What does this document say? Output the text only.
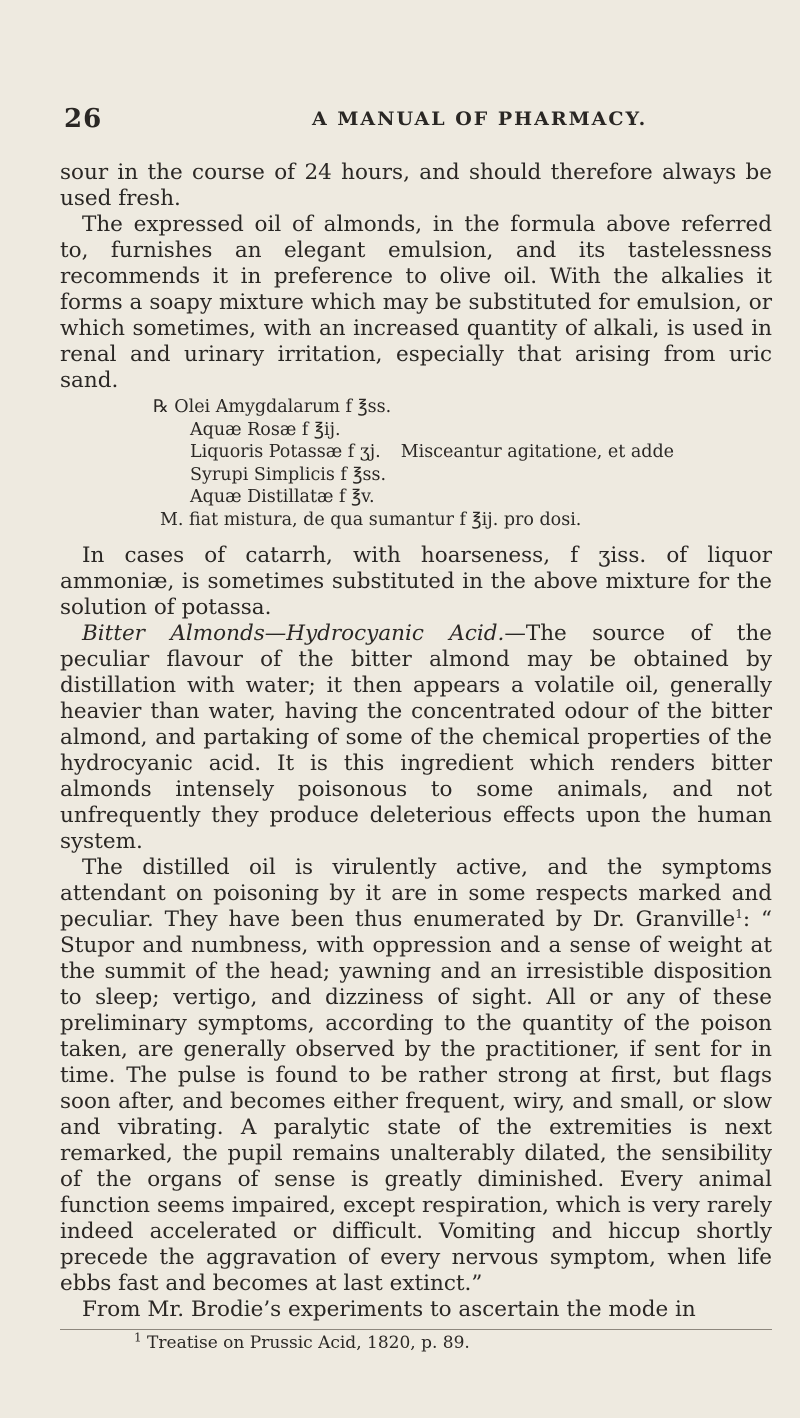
26	A MANUAL OF PHARMACY.

sour in the course of 24 hours, and should therefore always be used fresh.

The expressed oil of almonds, in the formula above referred to, furnishes an elegant emulsion, and its tastelessness recommends it in preference to olive oil. With the alkalies it forms a soapy mixture which may be substituted for emulsion, or which sometimes, with an increased quantity of alkali, is used in renal and urinary irritation, especially that arising from uric sand.

℞ Olei Amygdalarum f ℥ss.
Aquæ Rosæ f ℥ij.
Liquoris Potassæ f ʒj. Misceantur agitatione, et adde
Syrupi Simplicis f ℥ss.
Aquæ Distillatæ f ℥v.
M. fiat mistura, de qua sumantur f ℥ij. pro dosi.

In cases of catarrh, with hoarseness, f ʒiss. of liquor ammoniæ, is sometimes substituted in the above mixture for the solution of potassa.

Bitter Almonds—Hydrocyanic Acid.—The source of the peculiar flavour of the bitter almond may be obtained by distillation with water; it then appears a volatile oil, generally heavier than water, having the concentrated odour of the bitter almond, and partaking of some of the chemical properties of the hydrocyanic acid. It is this ingredient which renders bitter almonds intensely poisonous to some animals, and not unfrequently they produce deleterious effects upon the human system.

The distilled oil is virulently active, and the symptoms attendant on poisoning by it are in some respects marked and peculiar. They have been thus enumerated by Dr. Granville$^1$: “ Stupor and numbness, with oppression and a sense of weight at the summit of the head; yawning and an irresistible disposition to sleep; vertigo, and dizziness of sight. All or any of these preliminary symptoms, according to the quantity of the poison taken, are generally observed by the practitioner, if sent for in time. The pulse is found to be rather strong at first, but flags soon after, and becomes either frequent, wiry, and small, or slow and vibrating. A paralytic state of the extremities is next remarked, the pupil remains unalterably dilated, the sensibility of the organs of sense is greatly diminished. Every animal function seems impaired, except respiration, which is very rarely indeed accelerated or difficult. Vomiting and hiccup shortly precede the aggravation of every nervous symptom, when life ebbs fast and becomes at last extinct.”

From Mr. Brodie’s experiments to ascertain the mode in

$^1$ Treatise on Prussic Acid, 1820, p. 89.
